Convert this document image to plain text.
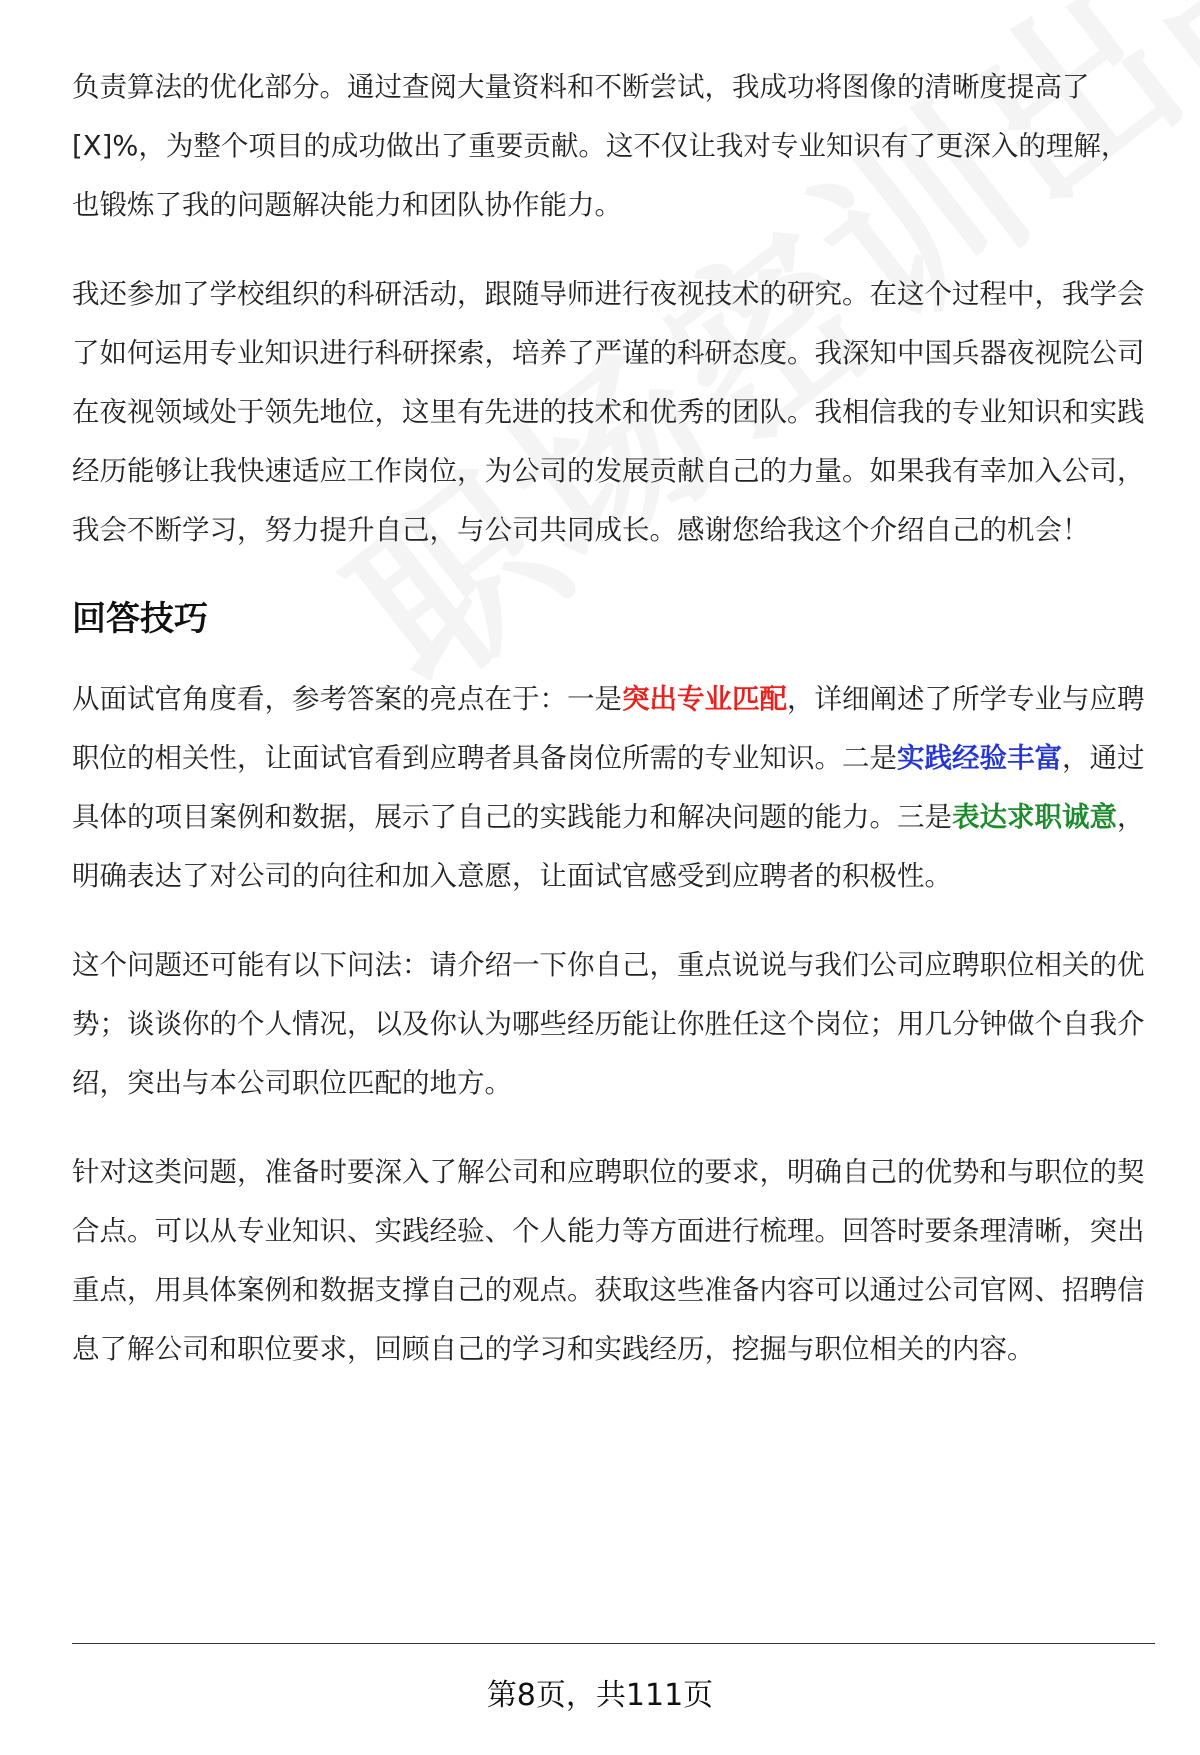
负责算法的优化部分。通过查阅大量资料和不断尝试，我成功将图像的清晰度提高了[X]%，为整个项目的成功做出了重要贡献。这不仅让我对专业知识有了更深入的理解，也锻炼了我的问题解决能力和团队协作能力。

我还参加了学校组织的科研活动，跟随导师进行夜视技术的研究。在这个过程中，我学会了如何运用专业知识进行科研探索，培养了严谨的科研态度。我深知中国兵器夜视院公司在夜视领域处于领先地位，这里有先进的技术和优秀的团队。我相信我的专业知识和实践经历能够让我快速适应工作岗位，为公司的发展贡献自己的力量。如果我有幸加入公司，我会不断学习，努力提升自己，与公司共同成长。感谢您给我这个介绍自己的机会！

回答技巧

从面试官角度看，参考答案的亮点在于：一是突出专业匹配，详细阐述了所学专业与应聘职位的相关性，让面试官看到应聘者具备岗位所需的专业知识。二是实践经验丰富，通过具体的项目案例和数据，展示了自己的实践能力和解决问题的能力。三是表达求职诚意，明确表达了对公司的向往和加入意愿，让面试官感受到应聘者的积极性。

这个问题还可能有以下问法：请介绍一下你自己，重点说说与我们公司应聘职位相关的优势；谈谈你的个人情况，以及你认为哪些经历能让你胜任这个岗位；用几分钟做个自我介绍，突出与本公司职位匹配的地方。

针对这类问题，准备时要深入了解公司和应聘职位的要求，明确自己的优势和与职位的契合点。可以从专业知识、实践经验、个人能力等方面进行梳理。回答时要条理清晰，突出重点，用具体案例和数据支撑自己的观点。获取这些准备内容可以通过公司官网、招聘信息了解公司和职位要求，回顾自己的学习和实践经历，挖掘与职位相关的内容。

第8页，共111页
